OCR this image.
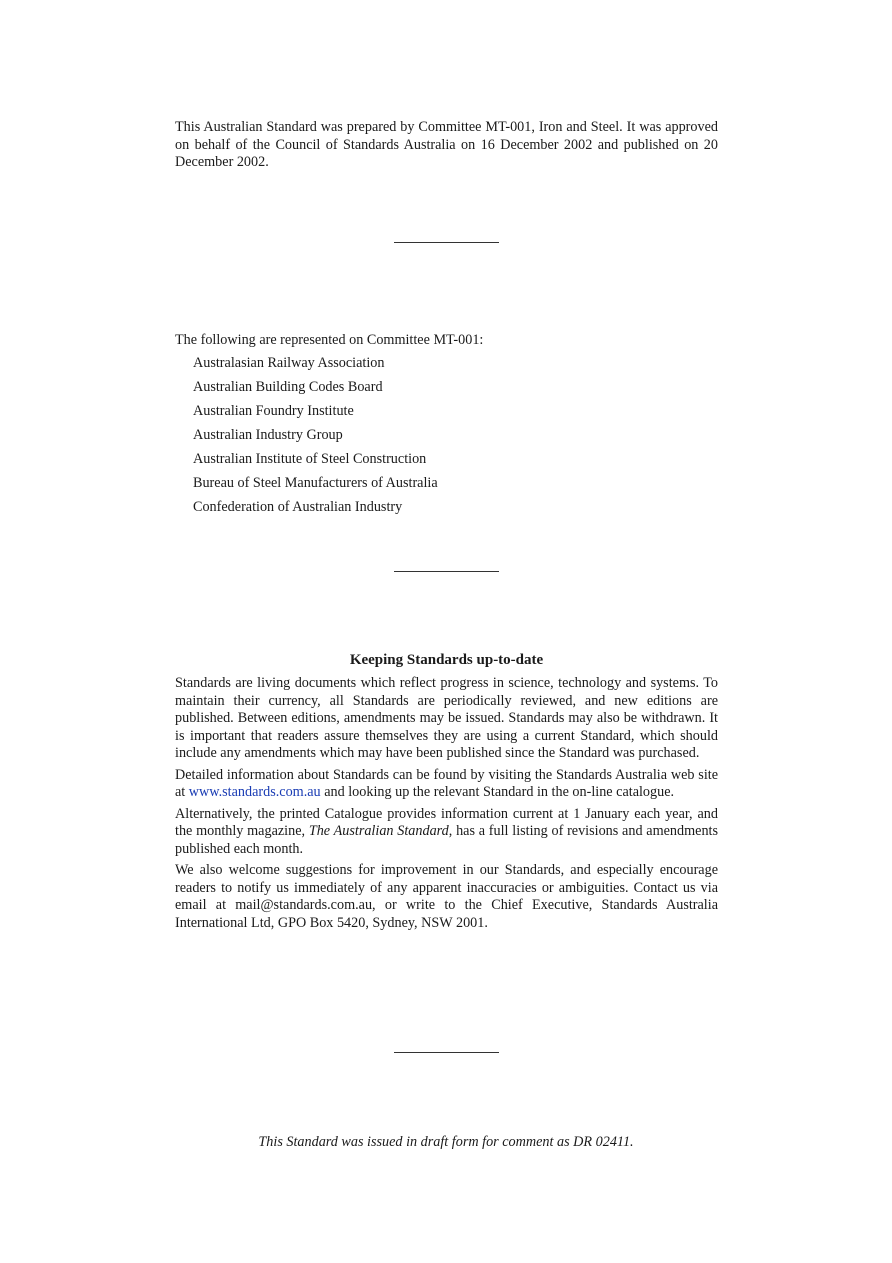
This Australian Standard was prepared by Committee MT-001, Iron and Steel. It was approved on behalf of the Council of Standards Australia on 16 December 2002 and published on 20 December 2002.
The following are represented on Committee MT-001:
Australasian Railway Association
Australian Building Codes Board
Australian Foundry Institute
Australian Industry Group
Australian Institute of Steel Construction
Bureau of Steel Manufacturers of Australia
Confederation of Australian Industry
Keeping Standards up-to-date

Standards are living documents which reflect progress in science, technology and systems. To maintain their currency, all Standards are periodically reviewed, and new editions are published. Between editions, amendments may be issued. Standards may also be withdrawn. It is important that readers assure themselves they are using a current Standard, which should include any amendments which may have been published since the Standard was purchased.

Detailed information about Standards can be found by visiting the Standards Australia web site at www.standards.com.au and looking up the relevant Standard in the on-line catalogue.

Alternatively, the printed Catalogue provides information current at 1 January each year, and the monthly magazine, The Australian Standard, has a full listing of revisions and amendments published each month.

We also welcome suggestions for improvement in our Standards, and especially encourage readers to notify us immediately of any apparent inaccuracies or ambiguities. Contact us via email at mail@standards.com.au, or write to the Chief Executive, Standards Australia International Ltd, GPO Box 5420, Sydney, NSW 2001.

This Standard was issued in draft form for comment as DR 02411.
